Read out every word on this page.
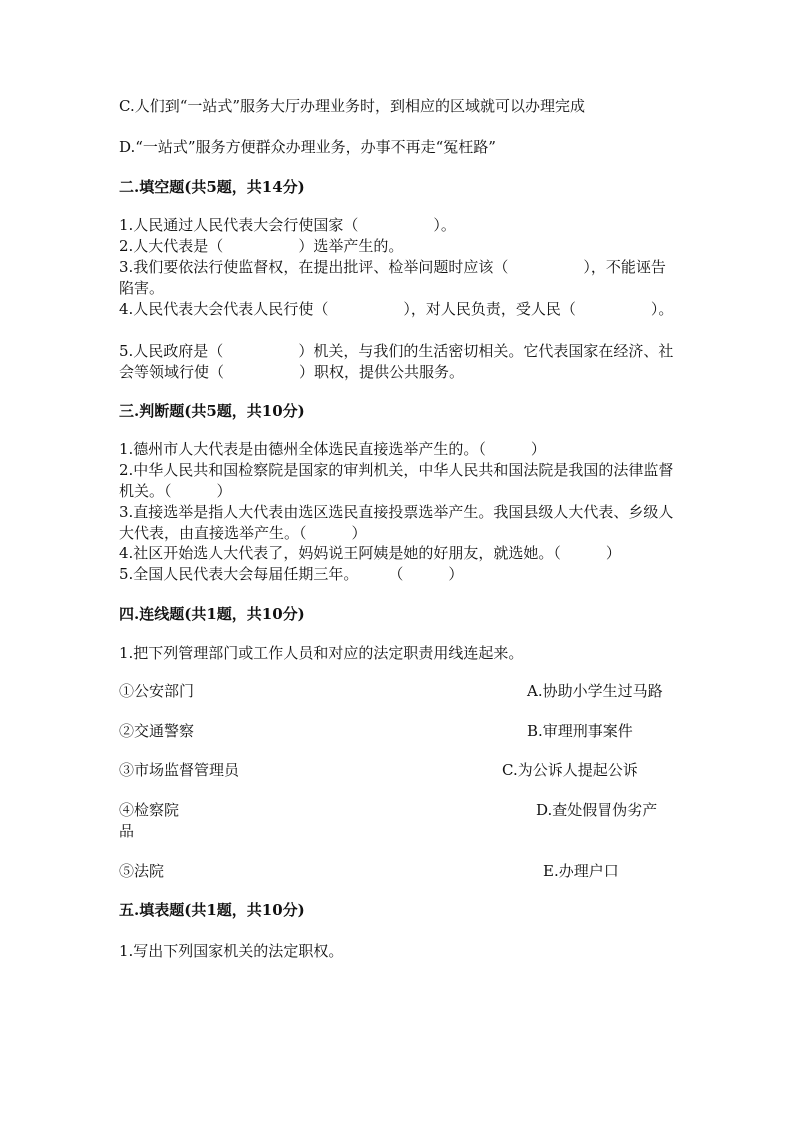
C.人们到“一站式”服务大厅办理业务时，到相应的区域就可以办理完成
D.“一站式”服务方便群众办理业务，办事不再走“冤枉路”
二.填空题(共5题，共14分)
1.人民通过人民代表大会行使国家（　　　　　）。
2.人大代表是（　　　　　）选举产生的。
3.我们要依法行使监督权，在提出批评、检举问题时应该（　　　　　），不能诬告陷害。
4.人民代表大会代表人民行使（　　　　　），对人民负责，受人民（　　　　　）。
5.人民政府是（　　　　　）机关，与我们的生活密切相关。它代表国家在经济、社会等领域行使（　　　　　）职权，提供公共服务。
三.判断题(共5题，共10分)
1.德州市人大代表是由德州全体选民直接选举产生的。（　　　）
2.中华人民共和国检察院是国家的审判机关，中华人民共和国法院是我国的法律监督机关。（　　　）
3.直接选举是指人大代表由选区选民直接投票选举产生。我国县级人大代表、乡级人大代表，由直接选举产生。（　　　）
4.社区开始选人大代表了，妈妈说王阿姨是她的好朋友，就选她。（　　　）
5.全国人民代表大会每届任期三年。　　　（　　　）
四.连线题(共1题，共10分)
1.把下列管理部门或工作人员和对应的法定职责用线连起来。
①公安部门	A.协助小学生过马路
②交通警察	B.审理刑事案件
③市场监督管理员	C.为公诉人提起公诉
④检察院	D.查处假冒伪劣产
品
⑤法院	E.办理户口
五.填表题(共1题，共10分)
1.写出下列国家机关的法定职权。
